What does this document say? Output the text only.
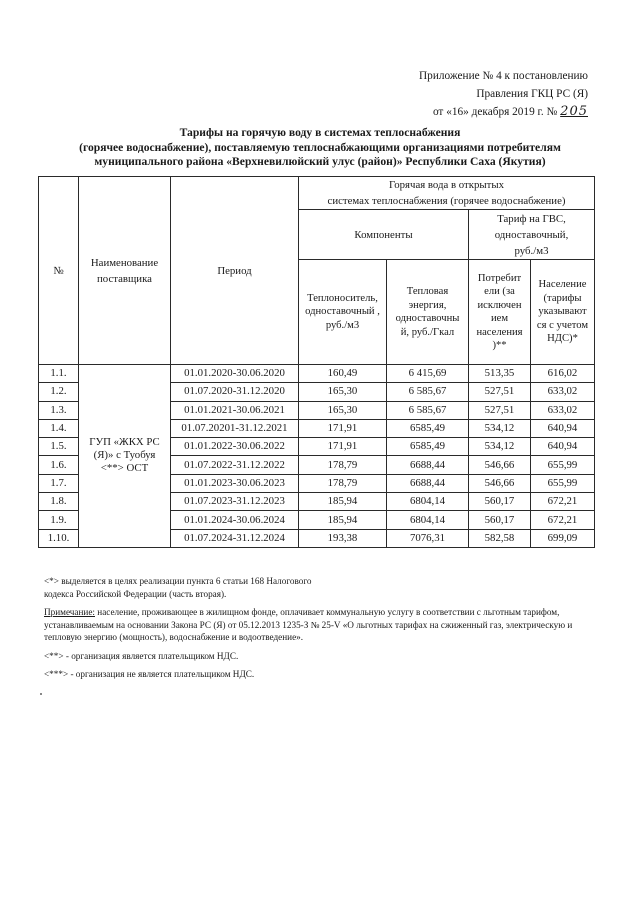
Приложение № 4 к постановлению
Правления ГКЦ РС (Я)
от «16» декабря 2019 г. № 205
Тарифы на горячую воду в системах теплоснабжения
(горячее водоснабжение), поставляемую теплоснабжающими организациями потребителям
муниципального района «Верхневилюйский улус (район)» Республики Саха (Якутия)
№	Наименование поставщика	Период	Горячая вода в открытых
системах теплоснабжения (горячее водоснабжение)			

			Компоненты		Тариф на ГВС, одноставочный, руб./м3	
			Теплоноситель, одноставочный , руб./м3	Тепловая энергия, одноставочны й, руб./Гкал	Потребит ели (за исключен ием населения )**	Население (тарифы указывают ся с учетом НДС)*
1.1.	ГУП «ЖКХ РС (Я)» с Туобуя <**> ОСТ	01.01.2020-30.06.2020	160,49	6 415,69	513,35	616,02
1.2.		01.07.2020-31.12.2020	165,30	6 585,67	527,51	633,02
1.3.		01.01.2021-30.06.2021	165,30	6 585,67	527,51	633,02
1.4.		01.07.20201-31.12.2021	171,91	6585,49	534,12	640,94
1.5.		01.01.2022-30.06.2022	171,91	6585,49	534,12	640,94
1.6.		01.07.2022-31.12.2022	178,79	6688,44	546,66	655,99
1.7.		01.01.2023-30.06.2023	178,79	6688,44	546,66	655,99
1.8.		01.07.2023-31.12.2023	185,94	6804,14	560,17	672,21
1.9.		01.01.2024-30.06.2024	185,94	6804,14	560,17	672,21
1.10.		01.07.2024-31.12.2024	193,38	7076,31	582,58	699,09

<*> выделяется в целях реализации пункта 6 статьи 168 Налогового
кодекса Российской Федерации (часть вторая).

Примечание: население, проживающее в жилищном фонде, оплачивает коммунальную услугу в соответствии с льготным тарифом, устанавливаемым на основании Закона РС (Я) от 05.12.2013 1235-З № 25-V «О льготных тарифах на сжиженный газ, электрическую и тепловую энергию (мощность), водоснабжение и водоотведение».

<**> - организация является плательщиком НДС.

<***> - организация не является плательщиком НДС.
